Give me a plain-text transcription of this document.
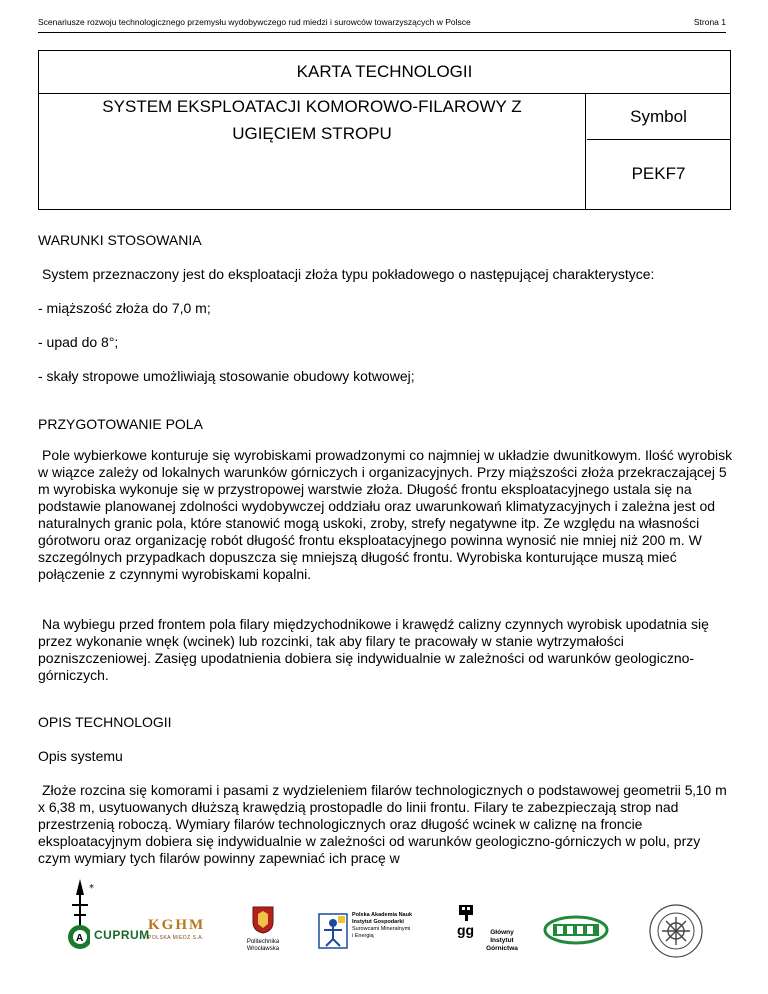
Scenariusze rozwoju technologicznego przemysłu wydobywczego rud miedzi i surowców towarzyszących w Polsce	Strona 1
KARTA TECHNOLOGII
SYSTEM EKSPLOATACJI KOMOROWO-FILAROWY Z UGIĘCIEM STROPU
Symbol
PEKF7
WARUNKI STOSOWANIA
System przeznaczony jest do eksploatacji złoża typu pokładowego o następującej charakterystyce:
- miąższość złoża do 7,0 m;
- upad do 8°;
- skały stropowe umożliwiają stosowanie obudowy kotwowej;
PRZYGOTOWANIE POLA
Pole wybierkowe konturuje się wyrobiskami prowadzonymi co najmniej w układzie dwunitkowym. Ilość wyrobisk w wiązce zależy od lokalnych warunków górniczych i organizacyjnych. Przy miąższości złoża przekraczającej 5 m wyrobiska wykonuje się w przystropowej warstwie złoża. Długość frontu eksploatacyjnego ustala się na podstawie planowanej zdolności wydobywczej oddziału oraz uwarunkowań klimatyzacyjnych i zależna jest od naturalnych granic pola, które stanowić mogą uskoki, zroby, strefy negatywne itp. Ze względu na własności górotworu oraz organizację robót długość frontu eksploatacyjnego powinna wynosić nie mniej niż 200 m. W szczególnych przypadkach dopuszcza się mniejszą długość frontu. Wyrobiska konturujące muszą mieć połączenie z czynnymi wyrobiskami kopalni.
Na wybiegu przed frontem pola filary międzychodnikowe i krawędź calizny czynnych wyrobisk upodatnia się przez wykonanie wnęk (wcinek) lub rozcinki, tak aby filary te pracowały w stanie wytrzymałości pozniszczeniowej. Zasięg upodatnienia dobiera się indywidualnie w zależności od warunków geologiczno-górniczych.
OPIS TECHNOLOGII
Opis systemu
Złoże rozcina się komorami i pasami z wydzieleniem filarów technologicznych o podstawowej geometrii 5‚10 m x 6‚38 m, usytuowanych dłuższą krawędzią prostopadle do linii frontu. Filary te zabezpieczają strop nad przestrzenią roboczą. Wymiary filarów technologicznych oraz długość wcinek w caliznę na froncie eksploatacyjnym dobiera się indywidualnie w zależności od warunków geologiczno-górniczych w polu, przy czym wymiary tych filarów powinny zapewniać ich pracę w
*
A CUPRUM
KGHM
POLSKA MIEDŹ S.A.
Politechnika
Wrocławska
Polska Akademia Nauk
Instytut Gospodarki
Surowcami Mineralnymi
i Energią	gg	Główny
Instytut
Górnictwa
